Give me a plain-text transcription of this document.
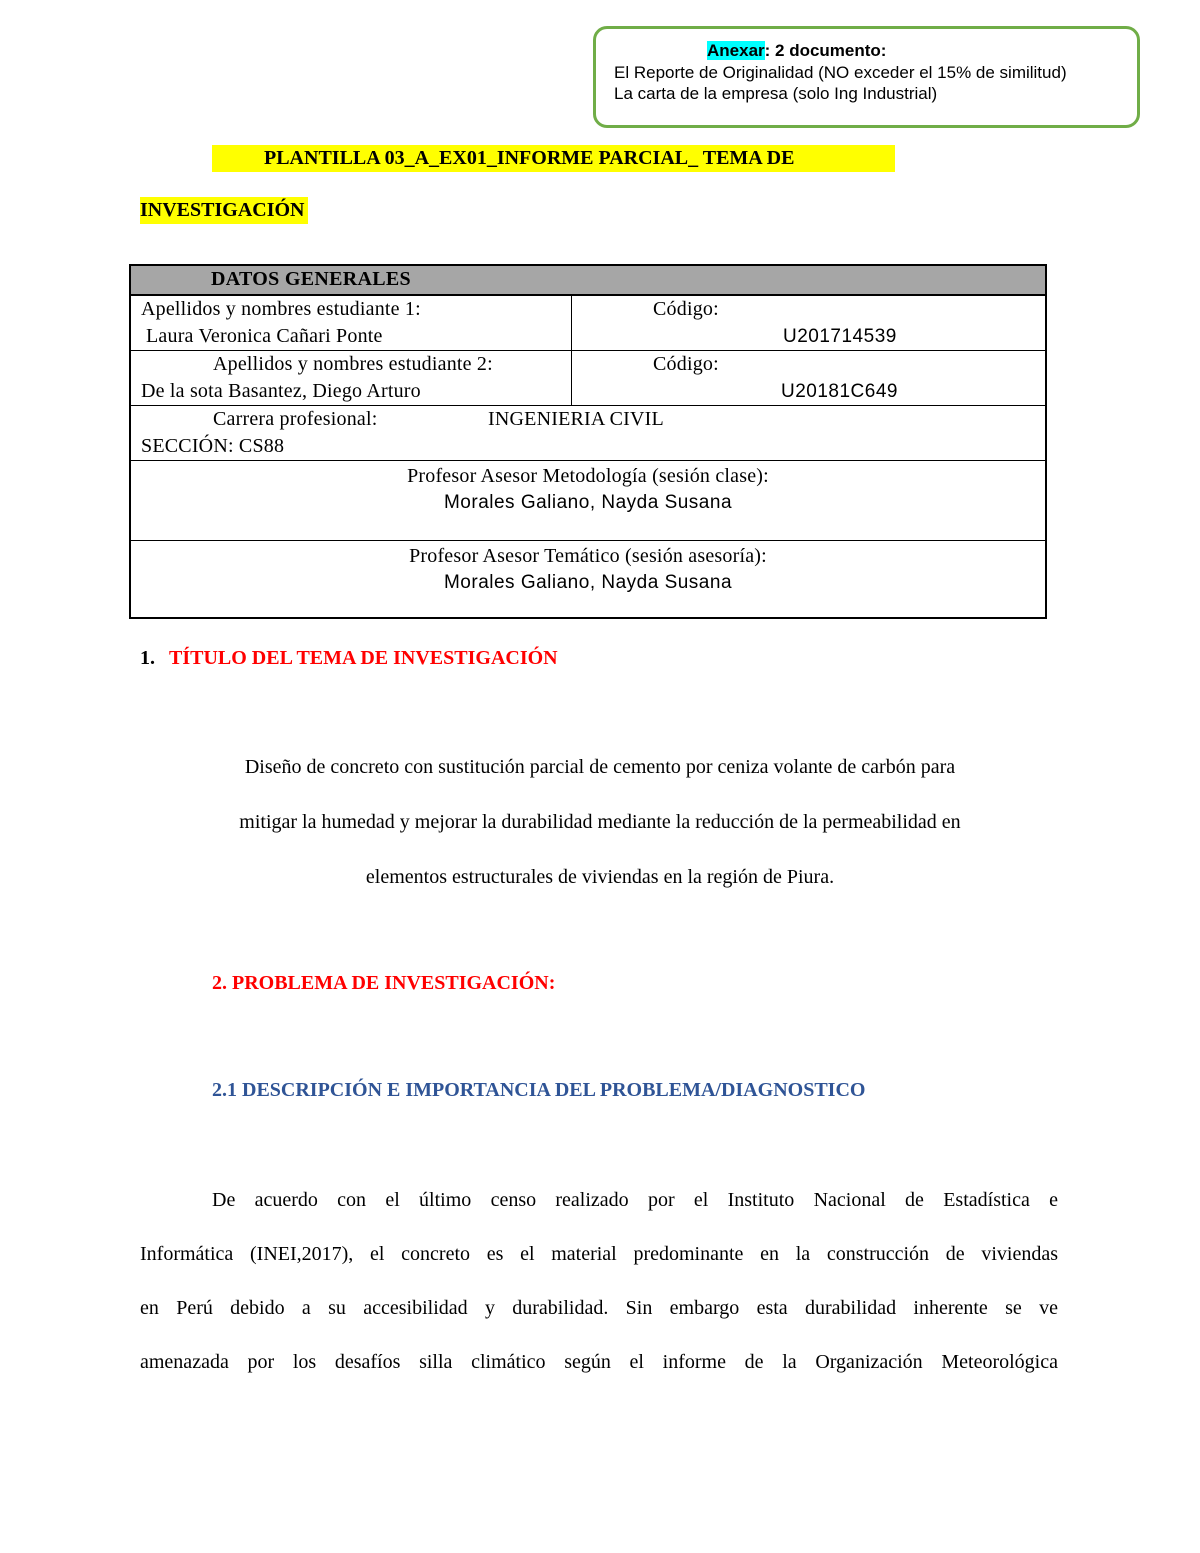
Anexar: 2 documento:
El Reporte de Originalidad (NO exceder el 15% de similitud)
La carta de la empresa (solo Ing Industrial)
PLANTILLA 03_A_EX01_INFORME PARCIAL_ TEMA DE
INVESTIGACIÓN
DATOS GENERALES
Apellidos y nombres estudiante 1:
Laura Veronica Cañari Ponte
Código:
U201714539
Apellidos y nombres estudiante 2:
De la sota Basantez, Diego Arturo
Código:
U20181C649
Carrera profesional:	INGENIERIA CIVIL
SECCIÓN: CS88
Profesor Asesor Metodología (sesión clase):
Morales Galiano, Nayda Susana
Profesor Asesor Temático (sesión asesoría):
Morales Galiano, Nayda Susana
1. TÍTULO DEL TEMA DE INVESTIGACIÓN
Diseño de concreto con sustitución parcial de cemento por ceniza volante de carbón para
mitigar la humedad y mejorar la durabilidad mediante la reducción de la permeabilidad en
elementos estructurales de viviendas en la región de Piura.
2. PROBLEMA DE INVESTIGACIÓN:
2.1 DESCRIPCIÓN E IMPORTANCIA DEL PROBLEMA/DIAGNOSTICO
De acuerdo con el último censo realizado por el Instituto Nacional de Estadística e
Informática (INEI,2017), el concreto es el material predominante en la construcción de viviendas
en Perú debido a su accesibilidad y durabilidad. Sin embargo esta durabilidad inherente se ve
amenazada por los desafíos silla climático según el informe de la Organización Meteorológica
